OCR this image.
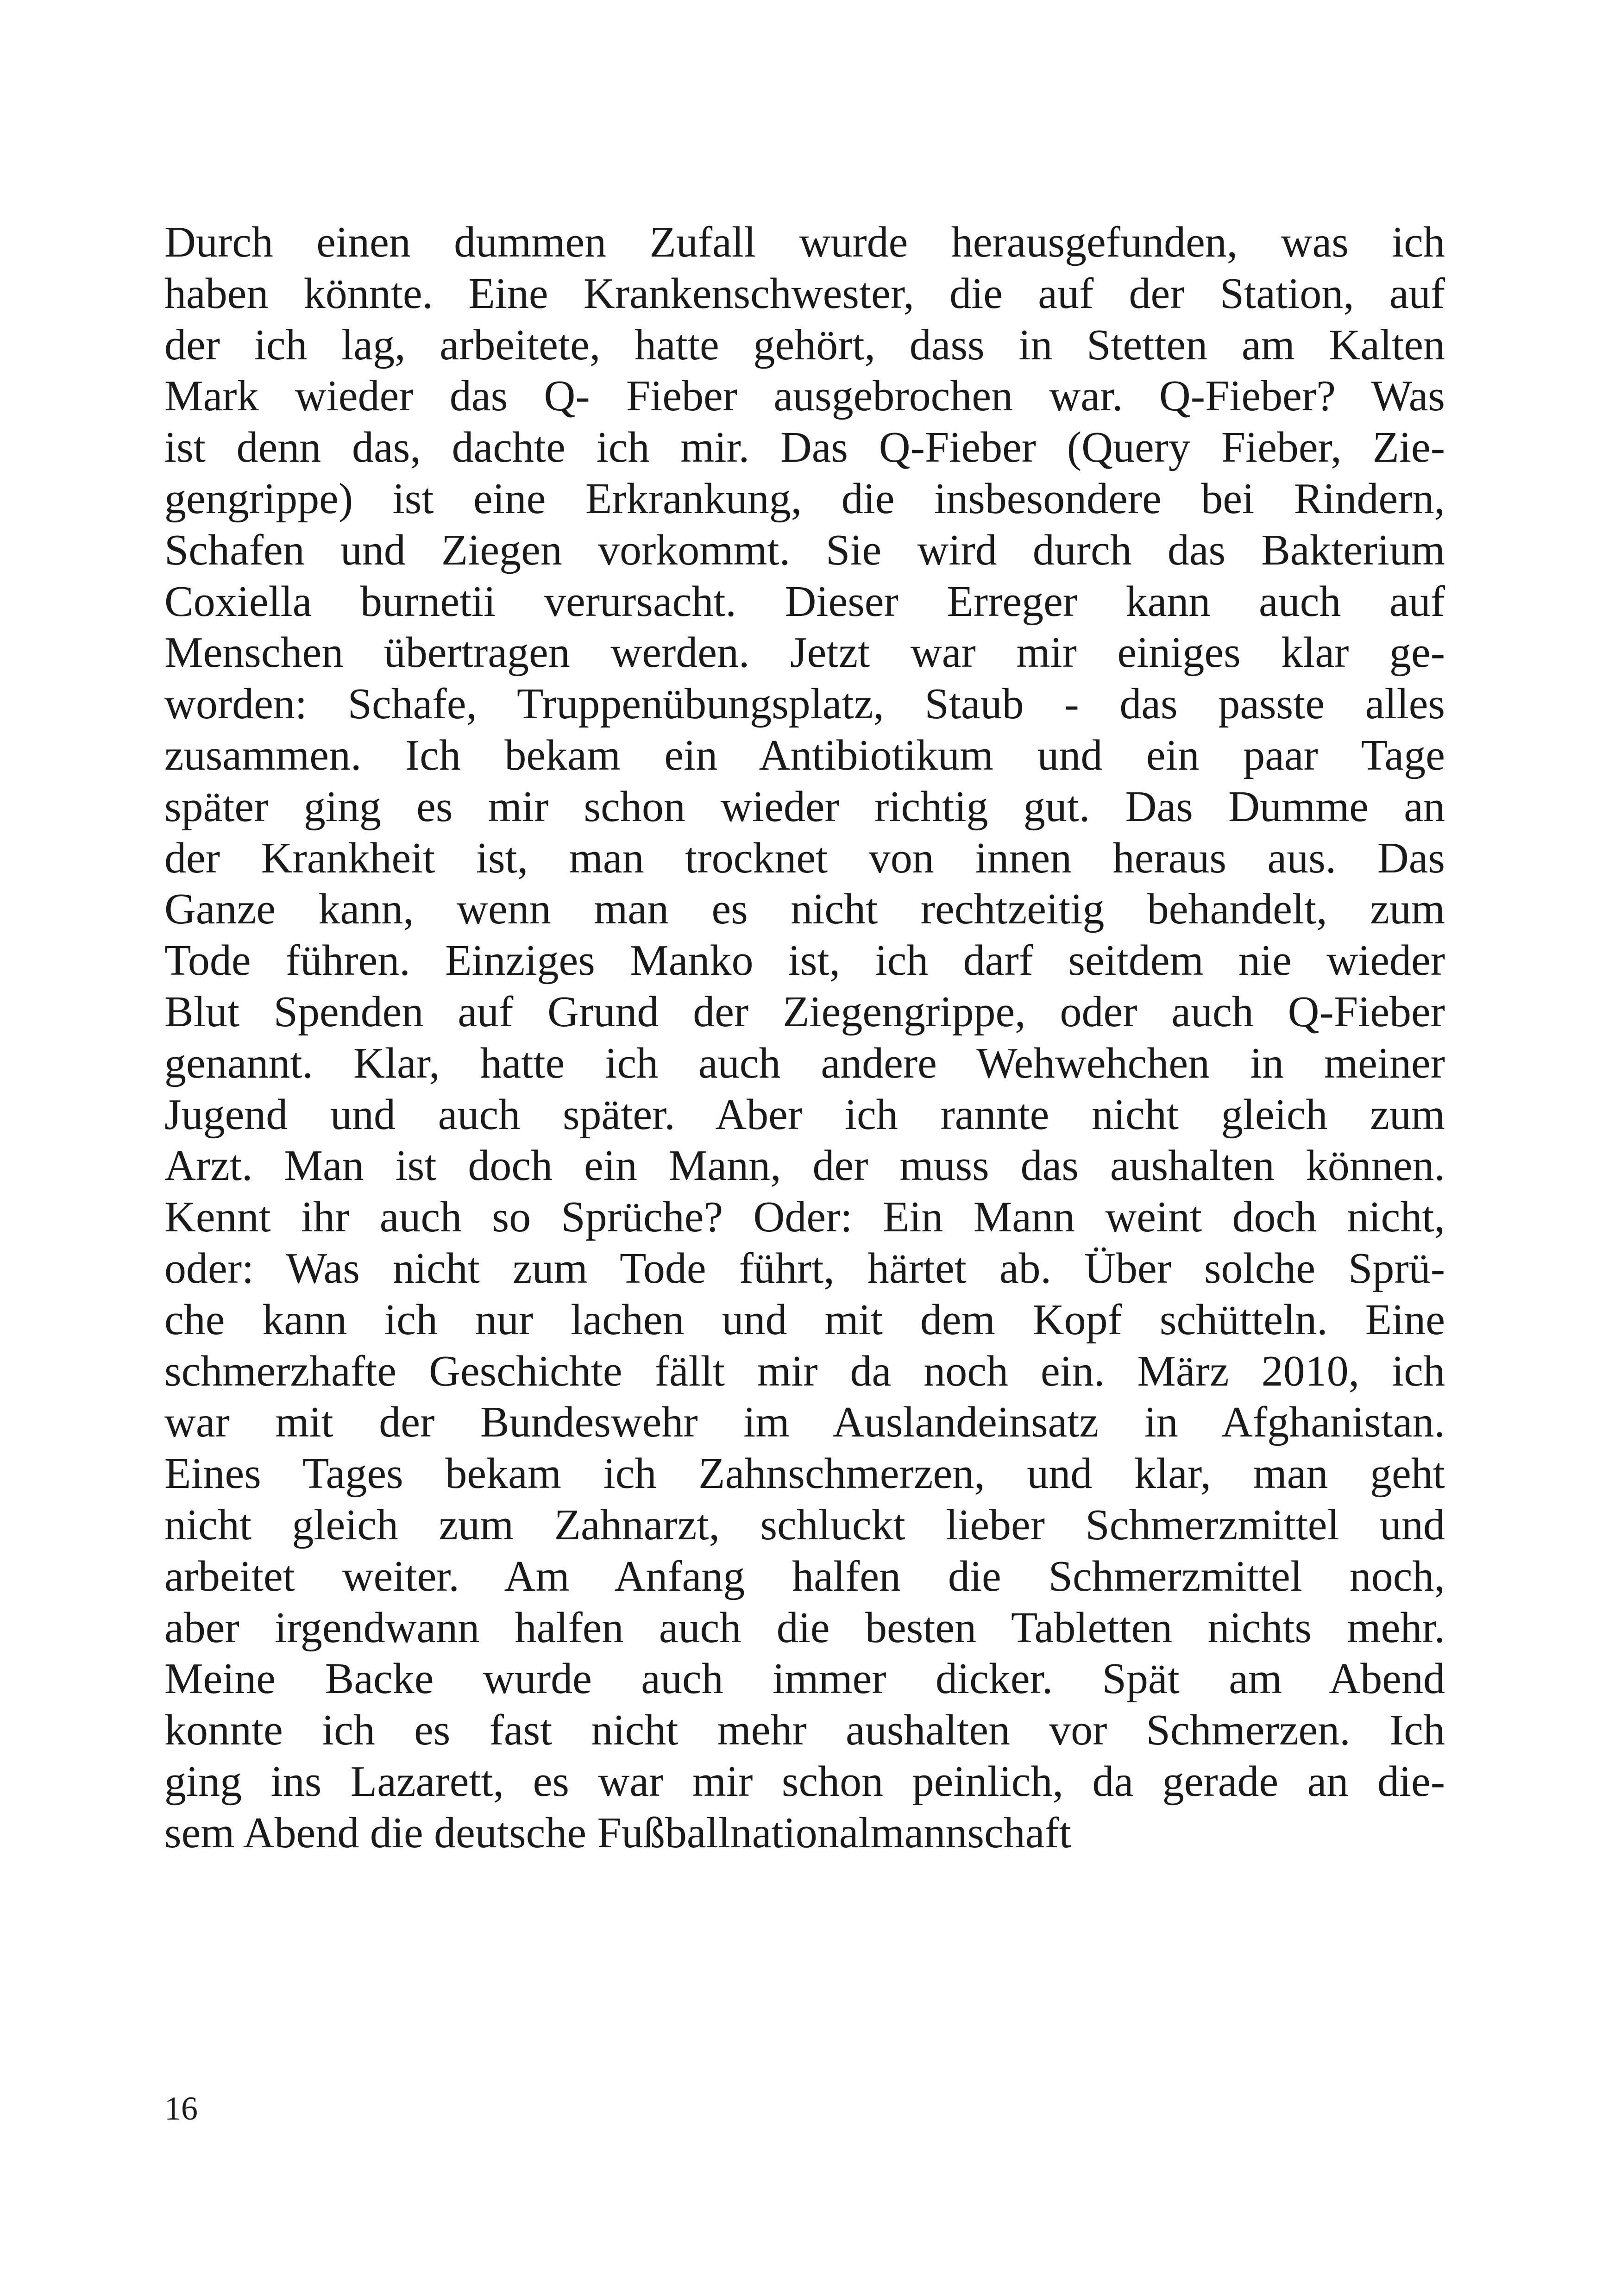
Durch einen dummen Zufall wurde herausgefunden, was ich
haben könnte. Eine Krankenschwester, die auf der Station, auf
der ich lag, arbeitete, hatte gehört, dass in Stetten am Kalten
Mark wieder das Q- Fieber ausgebrochen war. Q-Fieber? Was
ist denn das, dachte ich mir. Das Q-Fieber (Query Fieber, Zie-
gengrippe) ist eine Erkrankung, die insbesondere bei Rindern,
Schafen und Ziegen vorkommt. Sie wird durch das Bakterium
Coxiella burnetii verursacht. Dieser Erreger kann auch auf
Menschen übertragen werden. Jetzt war mir einiges klar ge-
worden: Schafe, Truppenübungsplatz, Staub - das passte alles
zusammen. Ich bekam ein Antibiotikum und ein paar Tage
später ging es mir schon wieder richtig gut. Das Dumme an
der Krankheit ist, man trocknet von innen heraus aus. Das
Ganze kann, wenn man es nicht rechtzeitig behandelt, zum
Tode führen. Einziges Manko ist, ich darf seitdem nie wieder
Blut Spenden auf Grund der Ziegengrippe, oder auch Q-Fieber
genannt. Klar, hatte ich auch andere Wehwehchen in meiner
Jugend und auch später. Aber ich rannte nicht gleich zum
Arzt. Man ist doch ein Mann, der muss das aushalten können.
Kennt ihr auch so Sprüche? Oder: Ein Mann weint doch nicht,
oder: Was nicht zum Tode führt, härtet ab. Über solche Sprü-
che kann ich nur lachen und mit dem Kopf schütteln. Eine
schmerzhafte Geschichte fällt mir da noch ein. März 2010, ich
war mit der Bundeswehr im Auslandeinsatz in Afghanistan.
Eines Tages bekam ich Zahnschmerzen, und klar, man geht
nicht gleich zum Zahnarzt, schluckt lieber Schmerzmittel und
arbeitet weiter. Am Anfang halfen die Schmerzmittel noch,
aber irgendwann halfen auch die besten Tabletten nichts mehr.
Meine Backe wurde auch immer dicker. Spät am Abend
konnte ich es fast nicht mehr aushalten vor Schmerzen. Ich
ging ins Lazarett, es war mir schon peinlich, da gerade an die-
sem Abend die deutsche Fußballnationalmannschaft
16
